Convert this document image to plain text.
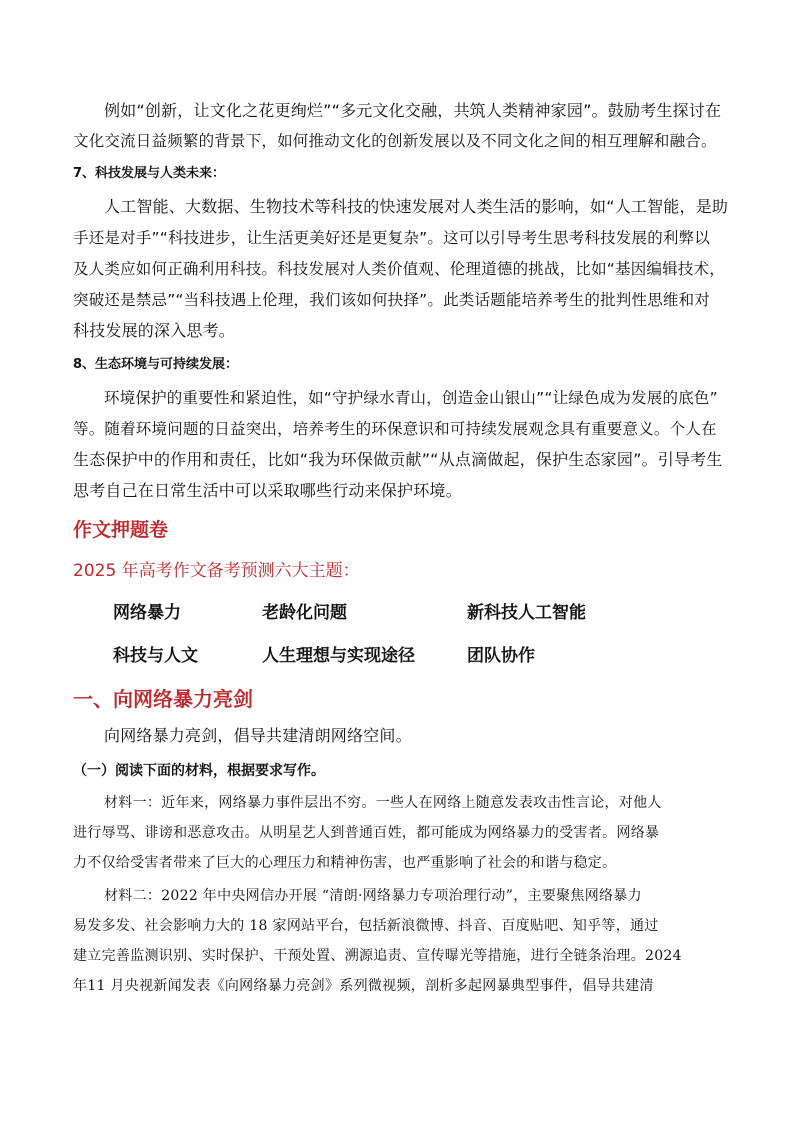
例如“创新，让文化之花更绚烂”“多元文化交融，共筑人类精神家园”。鼓励考生探讨在
文化交流日益频繁的背景下，如何推动文化的创新发展以及不同文化之间的相互理解和融合。
7、科技发展与人类未来：
人工智能、大数据、生物技术等科技的快速发展对人类生活的影响，如“人工智能，是助
手还是对手”“科技进步，让生活更美好还是更复杂”。这可以引导考生思考科技发展的利弊以
及人类应如何正确利用科技。科技发展对人类价值观、伦理道德的挑战，比如“基因编辑技术，
突破还是禁忌”“当科技遇上伦理，我们该如何抉择”。此类话题能培养考生的批判性思维和对
科技发展的深入思考。
8、生态环境与可持续发展：
环境保护的重要性和紧迫性，如“守护绿水青山，创造金山银山”“让绿色成为发展的底色”
等。随着环境问题的日益突出，培养考生的环保意识和可持续发展观念具有重要意义。个人在
生态保护中的作用和责任，比如“我为环保做贡献”“从点滴做起，保护生态家园”。引导考生
思考自己在日常生活中可以采取哪些行动来保护环境。
作文押题卷
2025 年高考作文备考预测六大主题：
网络暴力	老龄化问题	新科技人工智能
科技与人文	人生理想与实现途径	团队协作
一、向网络暴力亮剑
向网络暴力亮剑，倡导共建清朗网络空间。
（一）阅读下面的材料，根据要求写作。
材料一：近年来，网络暴力事件层出不穷。一些人在网络上随意发表攻击性言论，对他人
进行辱骂、诽谤和恶意攻击。从明星艺人到普通百姓，都可能成为网络暴力的受害者。网络暴
力不仅给受害者带来了巨大的心理压力和精神伤害，也严重影响了社会的和谐与稳定。
材料二：2022 年中央网信办开展 “清朗·网络暴力专项治理行动”，主要聚焦网络暴力
易发多发、社会影响力大的 18 家网站平台，包括新浪微博、抖音、百度贴吧、知乎等，通过
建立完善监测识别、实时保护、干预处置、溯源追责、宣传曝光等措施，进行全链条治理。2024
年11 月央视新闻发表《向网络暴力亮剑》系列微视频，剖析多起网暴典型事件，倡导共建清
